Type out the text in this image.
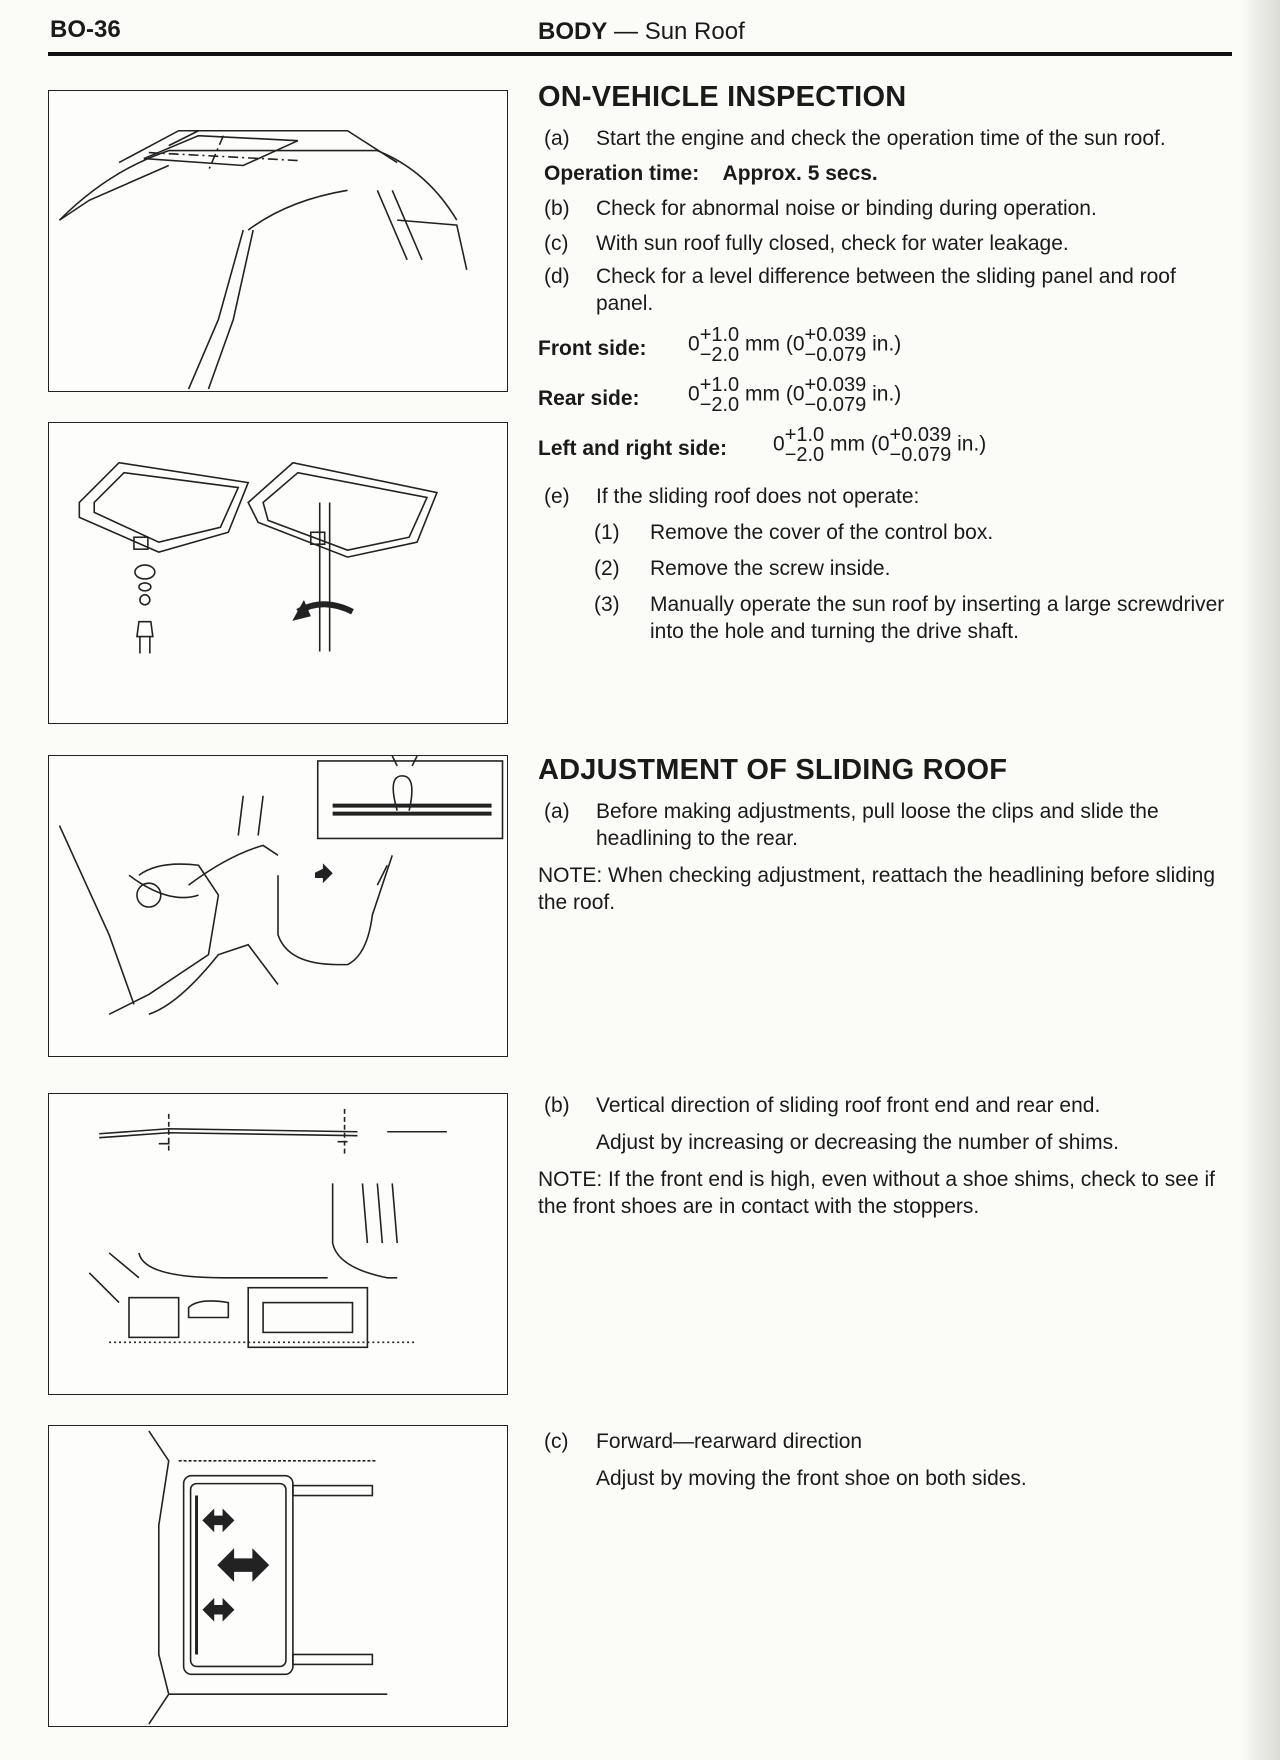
BO-36	BODY — Sun Roof
ON-VEHICLE INSPECTION
(a) Start the engine and check the operation time of the sun roof.
Operation time: Approx. 5 secs.
(b) Check for abnormal noise or binding during operation.
(c) With sun roof fully closed, check for water leakage.
(d) Check for a level difference between the sliding panel and roof panel.
Front side: 0 +1.0
−2.0 mm (0 +0.039
−0.079 in.)
Rear side: 0 +1.0
−2.0 mm (0 +0.039
−0.079 in.)
Left and right side: 0 +1.0
−2.0 mm (0 +0.039
−0.079 in.)
(e) If the sliding roof does not operate:
(1) Remove the cover of the control box.
(2) Remove the screw inside.
(3) Manually operate the sun roof by inserting a large screwdriver into the hole and turning the drive shaft.
ADJUSTMENT OF SLIDING ROOF
(a) Before making adjustments, pull loose the clips and slide the headlining to the rear.
NOTE: When checking adjustment, reattach the headlining before sliding the roof.
(b) Vertical direction of sliding roof front end and rear end.
Adjust by increasing or decreasing the number of shims.
NOTE: If the front end is high, even without a shoe shims, check to see if the front shoes are in contact with the stoppers.
(c) Forward—rearward direction
Adjust by moving the front shoe on both sides.
